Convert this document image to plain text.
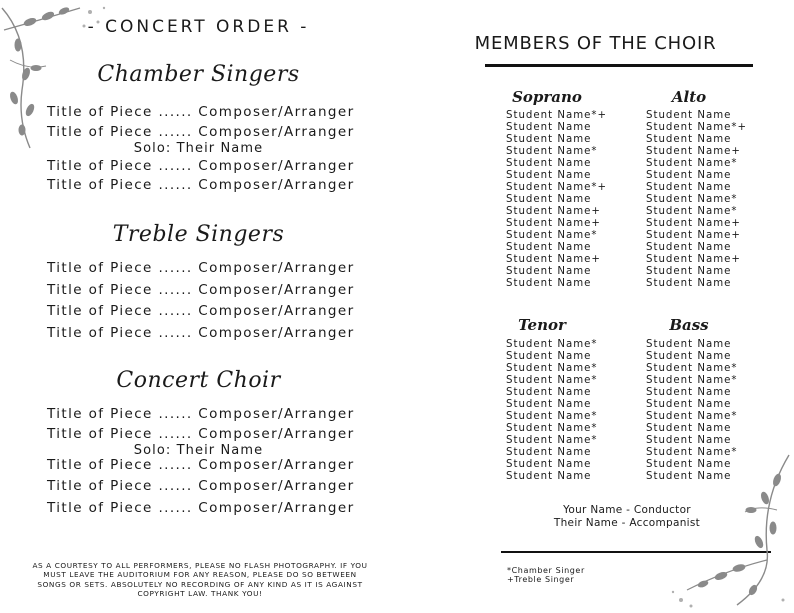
- CONCERT ORDER -
Chamber Singers
Title of Piece ...... Composer/Arranger
Title of Piece ...... Composer/Arranger
Solo: Their Name
Title of Piece ...... Composer/Arranger
Title of Piece ...... Composer/Arranger
Treble Singers
Title of Piece ...... Composer/Arranger
Title of Piece ...... Composer/Arranger
Title of Piece ...... Composer/Arranger
Title of Piece ...... Composer/Arranger
Concert Choir
Title of Piece ...... Composer/Arranger
Title of Piece ...... Composer/Arranger
Solo: Their Name
Title of Piece ...... Composer/Arranger
Title of Piece ...... Composer/Arranger
Title of Piece ...... Composer/Arranger
AS A COURTESY TO ALL PERFORMERS, PLEASE NO FLASH PHOTOGRAPHY. IF YOU MUST LEAVE THE AUDITORIUM FOR ANY REASON, PLEASE DO SO BETWEEN SONGS OR SETS. ABSOLUTELY NO RECORDING OF ANY KIND AS IT IS AGAINST COPYRIGHT LAW. THANK YOU!
MEMBERS OF THE CHOIR
Soprano	Alto
Student Name*+
Student Name
Student Name
Student Name*
Student Name
Student Name
Student Name*+
Student Name
Student Name+
Student Name+
Student Name*
Student Name
Student Name+
Student Name
Student Name
Student Name
Student Name*+
Student Name
Student Name+
Student Name*
Student Name
Student Name
Student Name*
Student Name*
Student Name+
Student Name+
Student Name
Student Name+
Student Name
Student Name
Tenor	Bass
Student Name*
Student Name
Student Name*
Student Name*
Student Name
Student Name
Student Name*
Student Name*
Student Name*
Student Name
Student Name
Student Name
Student Name
Student Name
Student Name*
Student Name*
Student Name
Student Name
Student Name*
Student Name
Student Name
Student Name*
Student Name
Student Name
Your Name - Conductor
Their Name - Accompanist
*Chamber Singer
+Treble Singer
